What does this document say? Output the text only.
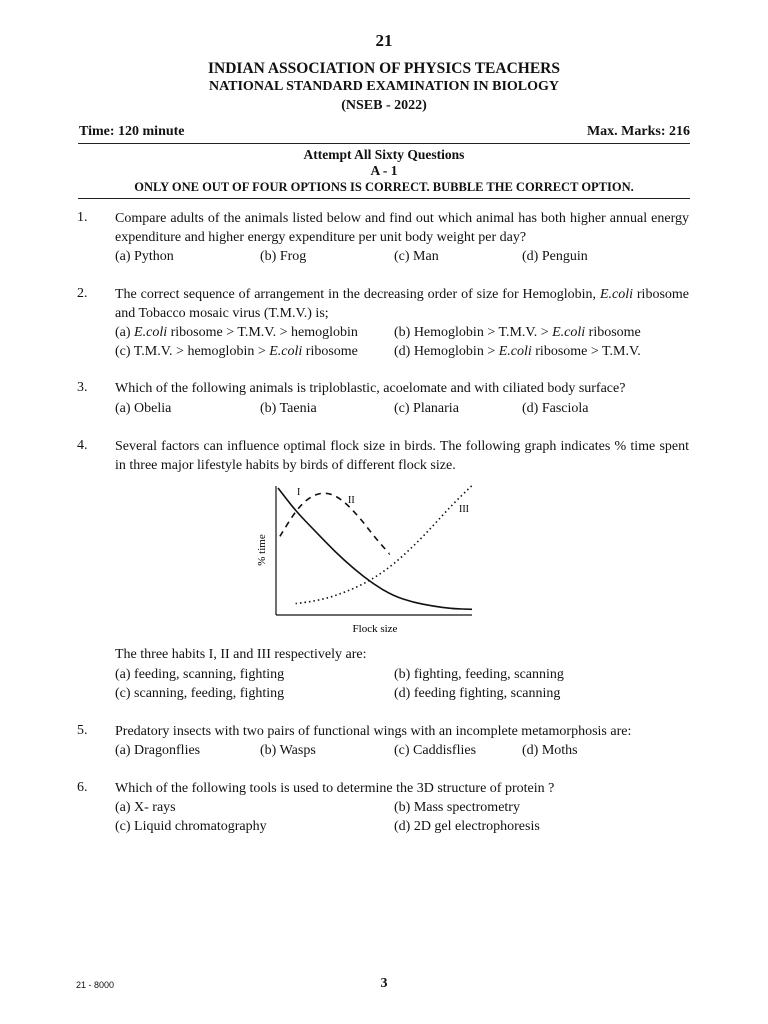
21
INDIAN ASSOCIATION OF PHYSICS TEACHERS
NATIONAL STANDARD EXAMINATION IN BIOLOGY
(NSEB - 2022)
Time: 120 minute	Max. Marks: 216
Attempt All Sixty Questions
A - 1
ONLY ONE OUT OF FOUR OPTIONS IS CORRECT. BUBBLE THE CORRECT OPTION.
1. Compare adults of the animals listed below and find out which animal has both higher annual energy expenditure and higher energy expenditure per unit body weight per day?
(a) Python	(b) Frog	(c) Man	(d) Penguin
2. The correct sequence of arrangement in the decreasing order of size for Hemoglobin, E.coli ribosome and Tobacco mosaic virus (T.M.V.) is;
(a) E.coli ribosome > T.M.V. > hemoglobin	(b) Hemoglobin > T.M.V. > E.coli ribosome
(c) T.M.V. > hemoglobin > E.coli ribosome	(d) Hemoglobin > E.coli ribosome > T.M.V.
3. Which of the following animals is triploblastic, acoelomate and with ciliated body surface?
(a) Obelia	(b) Taenia	(c) Planaria	(d) Fasciola
4. Several factors can influence optimal flock size in birds. The following graph indicates % time spent in three major lifestyle habits by birds of different flock size.
% time
Flock size
I
II
III
The three habits I, II and III respectively are:
(a) feeding, scanning, fighting	(b) fighting, feeding, scanning
(c) scanning, feeding, fighting	(d) feeding fighting, scanning
5. Predatory insects with two pairs of functional wings with an incomplete metamorphosis are:
(a) Dragonflies	(b) Wasps	(c) Caddisflies	(d) Moths
6. Which of the following tools is used to determine the 3D structure of protein ?
(a) X- rays	(b) Mass spectrometry
(c) Liquid chromatography	(d) 2D gel electrophoresis
21 - 8000	3
